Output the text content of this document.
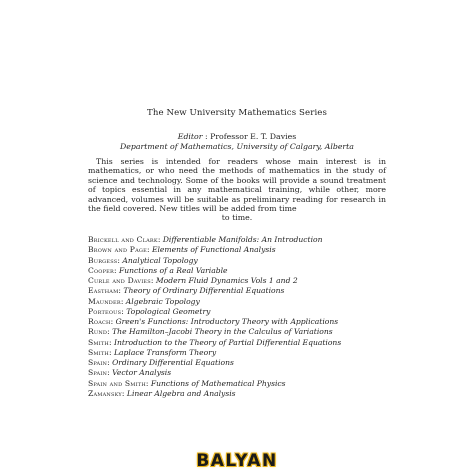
The New University Mathematics Series
Editor : Professor E. T. Davies
Department of Mathematics, University of Calgary, Alberta
This series is intended for readers whose main interest is in mathematics, or who need the methods of mathematics in the study of science and technology. Some of the books will provide a sound treatment of topics essential in any mathematical training, while other, more advanced, volumes will be suitable as preliminary reading for research in the field covered. New titles will be added from time
to time.
Brickell and Clark: Differentiable Manifolds: An Introduction
Brown and Page: Elements of Functional Analysis
Burgess: Analytical Topology
Cooper: Functions of a Real Variable
Curle and Davies: Modern Fluid Dynamics Vols 1 and 2
Eastham: Theory of Ordinary Differential Equations
Maunder: Algebraic Topology
Porteous: Topological Geometry
Roach: Green's Functions: Introductory Theory with Applications
Rund: The Hamilton–Jacobi Theory in the Calculus of Variations
Smith: Introduction to the Theory of Partial Differential Equations
Smith: Laplace Transform Theory
Spain: Ordinary Differential Equations
Spain: Vector Analysis
Spain and Smith: Functions of Mathematical Physics
Zamansky: Linear Algebra and Analysis
BALYAN
